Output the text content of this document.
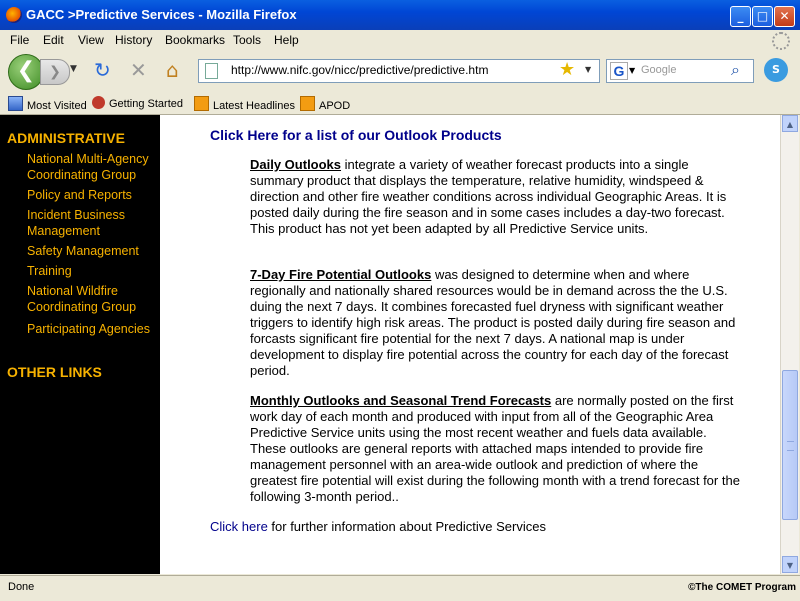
GACC >Predictive Services - Mozilla Firefox	_	□ ✕
File Edit View History Bookmarks Tools Help
❮ ❯	▼ ↻ ✕ ⌂	http://www.nifc.gov/nicc/predictive/predictive.htm	★ ▼ G ▼ Google	⌕	S
Most Visited	Getting Started	Latest Headlines	APOD
ADMINISTRATIVE
National Multi-Agency Coordinating Group
Policy and Reports
Incident Business Management
Safety Management
Training
National Wildfire Coordinating Group
Participating Agencies
OTHER LINKS
Click Here for a list of our Outlook Products
Daily Outlooks integrate a variety of weather forecast products into a single summary product that displays the temperature, relative humidity, windspeed & direction and other fire weather conditions across individual Geographic Areas. It is posted daily during the fire season and in some cases includes a day-two forecast. This product has not yet been adapted by all Predictive Service units.
7-Day Fire Potential Outlooks was designed to determine when and where regionally and nationally shared resources would be in demand across the the U.S. duing the next 7 days. It combines forecasted fuel dryness with significant weather triggers to identify high risk areas. The product is posted daily during fire season and forcasts significant fire potential for the next 7 days. A national map is under development to display fire potential across the country for each day of the forecast period.
Monthly Outlooks and Seasonal Trend Forecasts are normally posted on the first work day of each month and produced with input from all of the Geographic Area Predictive Service units using the most recent weather and fuels data available. These outlooks are general reports with attached maps intended to provide fire management personnel with an area-wide outlook and prediction of where the greatest fire potential will exist during the following month with a trend forecast for the following 3-month period..
Click here for further information about Predictive Services
▲
▼
Done	©The COMET Program
